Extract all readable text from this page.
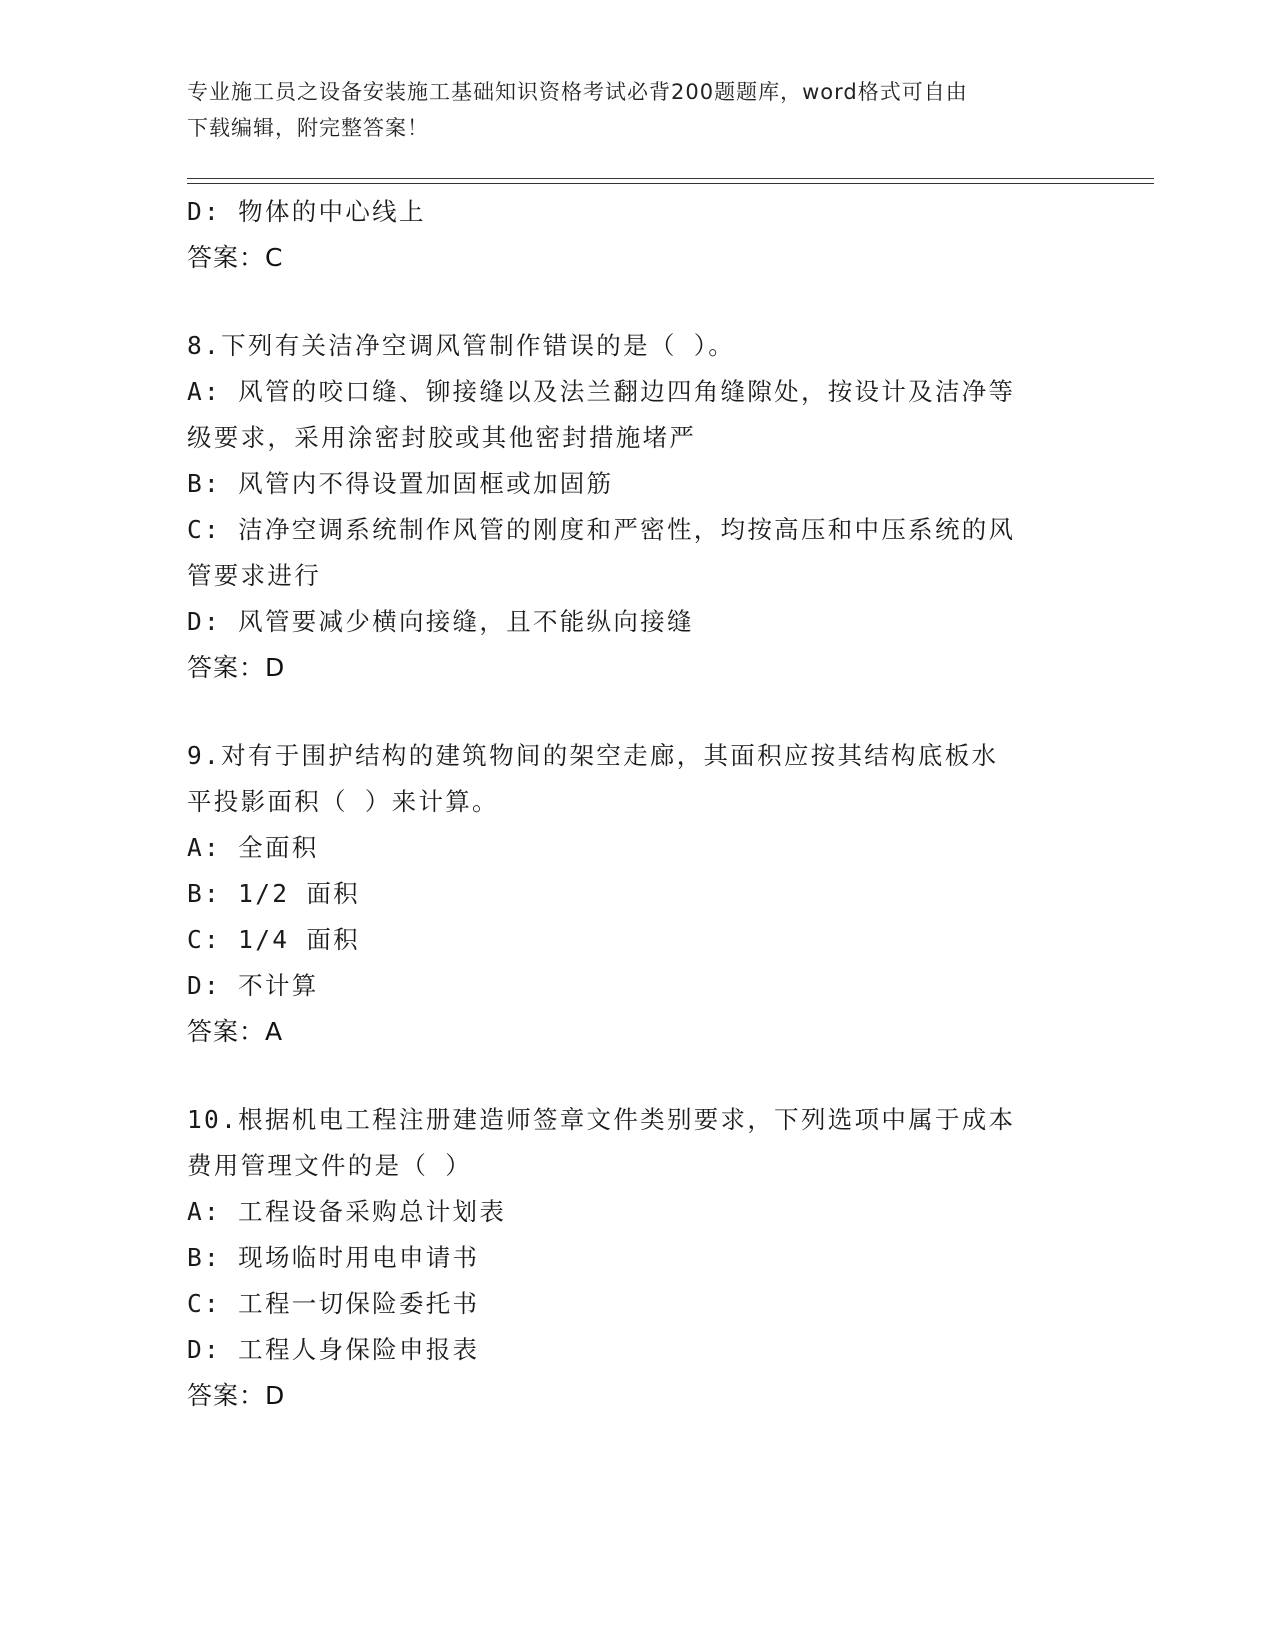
专业施工员之设备安装施工基础知识资格考试必背200题题库，word格式可自由
下载编辑，附完整答案！
D: 物体的中心线上
答案：C
8.下列有关洁净空调风管制作错误的是（ ）。
A: 风管的咬口缝、铆接缝以及法兰翻边四角缝隙处，按设计及洁净等
级要求，采用涂密封胶或其他密封措施堵严
B: 风管内不得设置加固框或加固筋
C: 洁净空调系统制作风管的刚度和严密性，均按高压和中压系统的风
管要求进行
D: 风管要减少横向接缝，且不能纵向接缝
答案：D
9.对有于围护结构的建筑物间的架空走廊，其面积应按其结构底板水
平投影面积（ ）来计算。
A: 全面积
B: 1/2 面积
C: 1/4 面积
D: 不计算
答案：A
10.根据机电工程注册建造师签章文件类别要求，下列选项中属于成本
费用管理文件的是（ ）
A: 工程设备采购总计划表
B: 现场临时用电申请书
C: 工程一切保险委托书
D: 工程人身保险申报表
答案：D
